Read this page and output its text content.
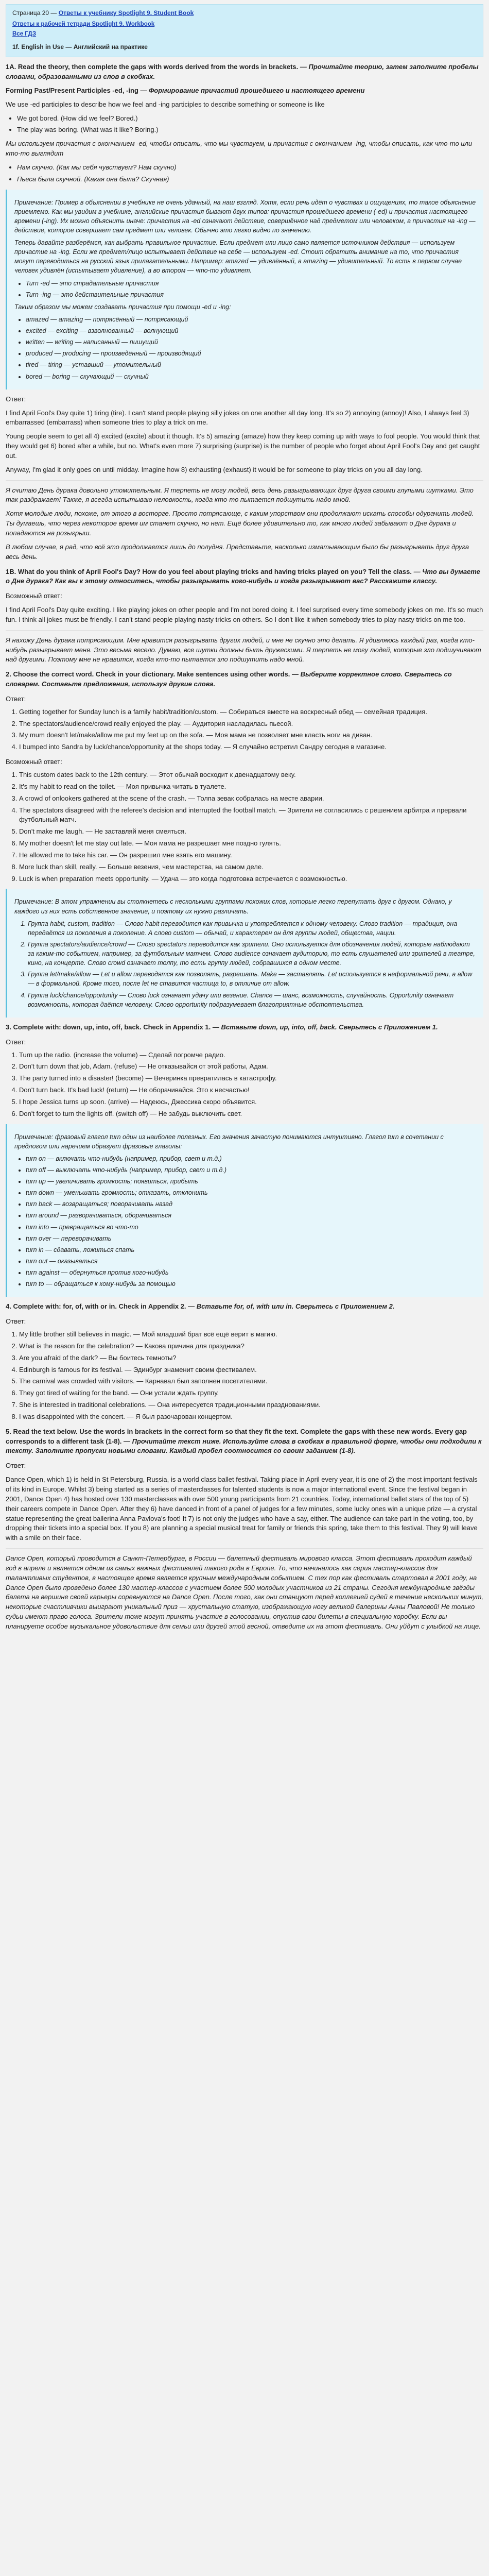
Страница 20 — Ответы к учебнику Spotlight 9. Student Book
Ответы к рабочей тетради Spotlight 9. Workbook
Все ГДЗ
1f. English in Use — Английский на практике
1A. Read the theory, then complete the gaps with words derived from the words in brackets. — Прочитайте теорию, затем заполните пробелы словами, образованными из слов в скобках.

Forming Past/Present Participles -ed, -ing — Формирование причастий прошедшего и настоящего времени

We use -ed participles to describe how we feel and -ing participles to describe something or someone is like

• We got bored. (How did we feel? Bored.)
• The play was boring. (What was it like? Boring.)

Мы используем причастия с окончанием -ed, чтобы описать, что мы чувствуем, и причастия с окончанием -ing, чтобы описать, как что-то или кто-то выглядит

• Нам скучно. (Как мы себя чувствуем? Нам скучно)
• Пьеса была скучной. (Какая она была? Скучная)

Примечание: Пример в объяснении в учебнике не очень удачный, на наш взгляд. Хотя, если речь идёт о чувствах и ощущениях, то такое объяснение приемлемо. Как мы увидим в учебнике, английские причастия бывают двух типов: причастия прошедшего времени (-ed) и причастия настоящего времени (-ing). Их можно объяснить иначе: причастия на -ed означают действие, совершённое над предметом или человеком, а причастия на -ing — действие, которое совершает сам предмет или человек. Обычно это легко видно по значению.

Теперь давайте разберёмся, как выбрать правильное причастие. Если предмет или лицо само является источником действия — используем причастие на -ing. Если же предмет/лицо испытывает действие на себе — используем -ed. Стоит обратить внимание на то, что причастия могут переводиться на русский язык прилагательными. Например: amazed — удивлённый, а amazing — удивительный. То есть в первом случае человек удивлён (испытывает удивление), а во втором — что-то удивляет.

• Turn -ed — это страдательные причастия
• Turn -ing — это действительные причастия

Таким образом мы можем создавать причастия при помощи -ed и -ing:

• amazed — amazing — потрясённый — потрясающий
• excited — exciting — взволнованный — волнующий
• written — writing — написанный — пишущий
• produced — producing — произведённый — производящий
• tired — tiring — уставший — утомительный
• bored — boring — скучающий — скучный
Ответ:

I find April Fool's Day quite 1) tiring (tire). I can't stand people playing silly jokes on one another all day long. It's so 2) annoying (annoy)! Also, I always feel 3) embarrassed (embarrass) when someone tries to play a trick on me.

Young people seem to get all 4) excited (excite) about it though. It's 5) amazing (amaze) how they keep coming up with ways to fool people. You would think that they would get 6) bored after a while, but no. What's even more 7) surprising (surprise) is the number of people who forget about April Fool's Day and get caught out.

Anyway, I'm glad it only goes on until midday. Imagine how 8) exhausting (exhaust) it would be for someone to play tricks on you all day long.

Я считаю День дурака довольно утомительным. Я терпеть не могу людей, весь день разыгрывающих друг друга своими глупыми шутками. Это так раздражает! Также, я всегда испытываю неловкость, когда кто-то пытается подшутить надо мной.

Хотя молодые люди, похоже, от этого в восторге. Просто потрясающе, с каким упорством они продолжают искать способы одурачить людей. Ты думаешь, что через некоторое время им станет скучно, но нет. Ещё более удивительно то, как много людей забывают о Дне дурака и попадаются на розыгрыш.

В любом случае, я рад, что всё это продолжается лишь до полудня. Представьте, насколько изматывающим было бы разыгрывать друг друга весь день.

1B. What do you think of April Fool's Day? How do you feel about playing tricks and having tricks played on you? Tell the class. — Что вы думаете о Дне дурака? Как вы к этому относитесь, чтобы разыгрывать кого-нибудь и когда разыгрывают вас? Расскажите классу.
Возможный ответ:

I find April Fool's Day quite exciting. I like playing jokes on other people and I'm not bored doing it. I feel surprised every time somebody jokes on me. It's so much fun. I think all jokes must be friendly. I can't stand people playing nasty tricks on others. So I don't like it when somebody tries to play nasty tricks on me too.

Я нахожу День дурака потрясающим. Мне нравится разыгрывать других людей, и мне не скучно это делать. Я удивляюсь каждый раз, когда кто-нибудь разыгрывает меня. Это весьма весело. Думаю, все шутки должны быть дружескими. Я терпеть не могу людей, которые зло подшучивают над другими. Поэтому мне не нравится, когда кто-то пытается зло подшутить надо мной.

2. Choose the correct word. Check in your dictionary. Make sentences using other words. — Выберите корректное слово. Сверьтесь со словарем. Составьте предложения, используя другие слова.
Ответ:
1. Getting together for Sunday lunch is a family habit/tradition/custom. — Собираться вместе на воскресный обед — семейная традиция.
2. The spectators/audience/crowd really enjoyed the play. — Аудитория насладилась пьесой.
3. My mum doesn't let/make/allow me put my feet up on the sofa. — Моя мама не позволяет мне класть ноги на диван.
4. I bumped into Sandra by luck/chance/opportunity at the shops today. — Я случайно встретил Сандру сегодня в магазине.
Возможный ответ:
1. This custom dates back to the 12th century. — Этот обычай восходит к двенадцатому веку.
2. It's my habit to read on the toilet. — Моя привычка читать в туалете.
3. A crowd of onlookers gathered at the scene of the crash. — Толпа зевак собралась на месте аварии.
4. The spectators disagreed with the referee's decision and interrupted the football match. — Зрители не согласились с решением арбитра и прервали футбольный матч.
5. Don't make me laugh. — Не заставляй меня смеяться.
6. My mother doesn't let me stay out late. — Моя мама не разрешает мне поздно гулять.
7. He allowed me to take his car. — Он разрешил мне взять его машину.
8. More luck than skill, really. — Больше везения, чем мастерства, на самом деле.
9. Luck is when preparation meets opportunity. — Удача — это когда подготовка встречается с возможностью.

Примечание: В этом упражнении вы столкнетесь с несколькими группами похожих слов, которые легко перепутать друг с другом. Однако, у каждого из них есть собственное значение, и поэтому их нужно различать.

1. Группа habit, custom, tradition — Слово habit переводится как привычка и употребляется к одному человеку. Слово tradition — традиция, она передаётся из поколения в поколение. А слово custom — обычай, и характерен он для группы людей, общества, нации.
2. Группа spectators/audience/crowd — Слово spectators переводится как зрители. Оно используется для обозначения людей, которые наблюдают за каким-то событием, например, за футбольным матчем. Слово audience означает аудиторию, то есть слушателей или зрителей в театре, кино, на концерте. Слово crowd означает толпу, то есть группу людей, собравшихся в одном месте.
3. Группа let/make/allow — Let и allow переводятся как позволять, разрешать. Make — заставлять. Let используется в неформальной речи, а allow — в формальной. Кроме того, после let не ставится частица to, в отличие от allow.
4. Группа luck/chance/opportunity — Слово luck означает удачу или везение. Chance — шанс, возможность, случайность. Opportunity означает возможность, которая даётся человеку. Слово opportunity подразумевает благоприятные обстоятельства.
3. Complete with: down, up, into, off, back. Check in Appendix 1. — Вставьте down, up, into, off, back. Сверьтесь с Приложением 1.
Ответ:
1. Turn up the radio. (increase the volume) — Сделай погромче радио.
2. Don't turn down that job, Adam. (refuse) — Не отказывайся от этой работы, Адам.
3. The party turned into a disaster! (become) — Вечеринка превратилась в катастрофу.
4. Don't turn back. It's bad luck! (return) — Не оборачивайся. Это к несчастью!
5. I hope Jessica turns up soon. (arrive) — Надеюсь, Джессика скоро объявится.
6. Don't forget to turn the lights off. (switch off) — Не забудь выключить свет.

Примечание: фразовый глагол turn один из наиболее полезных. Его значения зачастую понимаются интуитивно. Глагол turn в сочетании с предлогом или наречием образует фразовые глаголы:

• turn on — включать что-нибудь (например, прибор, свет и т.д.)
• turn off — выключать что-нибудь (например, прибор, свет и т.д.)
• turn up — увеличивать громкость; появиться, прибыть
• turn down — уменьшать громкость; отказать, отклонить
• turn back — возвращаться; поворачивать назад
• turn around — разворачиваться, оборачиваться
• turn into — превращаться во что-то
• turn over — переворачивать
• turn in — сдавать, ложиться спать
• turn out — оказываться
• turn against — обернуться против кого-нибудь
• turn to — обращаться к кому-нибудь за помощью
4. Complete with: for, of, with or in. Check in Appendix 2. — Вставьте for, of, with или in. Сверьтесь с Приложением 2.
Ответ:
1. My little brother still believes in magic. — Мой младший брат всё ещё верит в магию.
2. What is the reason for the celebration? — Какова причина для праздника?
3. Are you afraid of the dark? — Вы боитесь темноты?
4. Edinburgh is famous for its festival. — Эдинбург знаменит своим фестивалем.
5. The carnival was crowded with visitors. — Карнавал был заполнен посетителями.
6. They got tired of waiting for the band. — Они устали ждать группу.
7. She is interested in traditional celebrations. — Она интересуется традиционными празднованиями.
8. I was disappointed with the concert. — Я был разочарован концертом.
5. Read the text below. Use the words in brackets in the correct form so that they fit the text. Complete the gaps with these new words. Every gap corresponds to a different task (1-8). — Прочитайте текст ниже. Используйте слова в скобках в правильной форме, чтобы они подходили к тексту. Заполните пропуски новыми словами. Каждый пробел соотносится со своим заданием (1-8).
Ответ:

Dance Open, which 1) is held in St Petersburg, Russia, is a world class ballet festival. Taking place in April every year, it is one of 2) the most important festivals of its kind in Europe. Whilst 3) being started as a series of masterclasses for talented students is now a major international event. Since the festival began in 2001, Dance Open 4) has hosted over 130 masterclasses with over 500 young participants from 21 countries. Today, international ballet stars of the top of 5) their careers compete in Dance Open. After they 6) have danced in front of a panel of judges for a few minutes, some lucky ones win a unique prize — a crystal statue representing the great ballerina Anna Pavlova's foot! It 7) is not only the judges who have a say, either. The audience can take part in the voting, too, by dropping their tickets into a special box. If you 8) are planning a special musical treat for family or friends this spring, take them to this festival. They 9) will leave with a smile on their face.

Dance Open, который проводится в Санкт-Петербурге, в России — балетный фестиваль мирового класса. Этот фестиваль проходит каждый год в апреле и является одним из самых важных фестивалей такого рода в Европе. То, что начиналось как серия мастер-классов для талантливых студентов, в настоящее время является крупным международным событием. С тех пор как фестиваль стартовал в 2001 году, на Dance Open было проведено более 130 мастер-классов с участием более 500 молодых участников из 21 страны. Сегодня международные звёзды балета на вершине своей карьеры соревнуются на Dance Open. После того, как они станцуют перед коллегией судей в течение нескольких минут, некоторые счастливчики выиграют уникальный приз — хрустальную статую, изображающую ногу великой балерины Анны Павловой! Не только судьи имеют право голоса. Зрители тоже могут принять участие в голосовании, опустив свои билеты в специальную коробку. Если вы планируете особое музыкальное удовольствие для семьи или друзей этой весной, отведите их на этот фестиваль. Они уйдут с улыбкой на лице.
